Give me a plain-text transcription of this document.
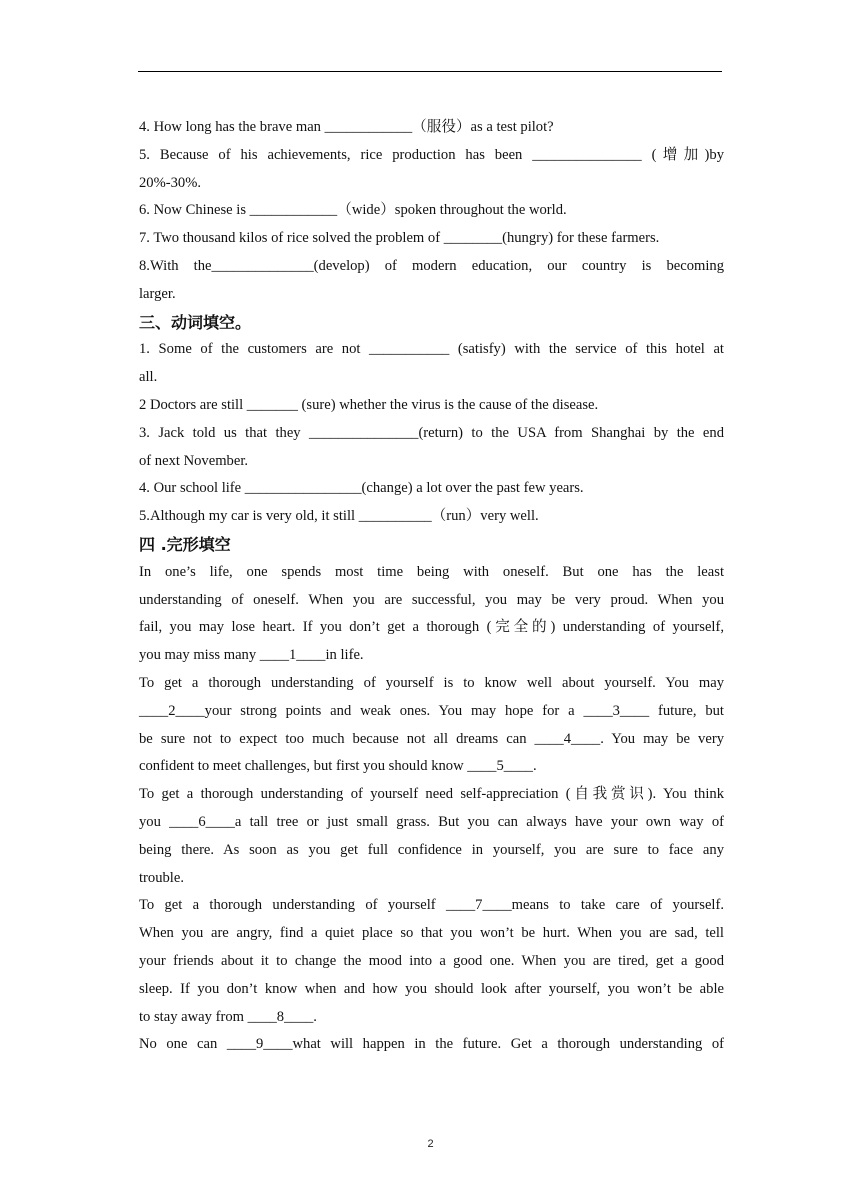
4. How long has the brave man ____________（服役）as a test pilot?
5. Because of his achievements, rice production has been _______________ (增加)by
20%-30%.
6. Now Chinese is ____________（wide）spoken throughout the world.
7. Two thousand kilos of rice solved the problem of ________(hungry) for these farmers.
8.With the______________(develop) of modern education, our country is becoming
larger.
三、动词填空。
1. Some of the customers are not ___________ (satisfy) with the service of this hotel at
all.
2 Doctors are still _______ (sure) whether the virus is the cause of the disease.
3. Jack told us that they _______________(return) to the USA from Shanghai by the end
of next November.
4. Our school life ________________(change) a lot over the past few years.
5.Although my car is very old, it still __________（run）very well.
四 .完形填空
In one’s life, one spends most time being with oneself. But one has the least
understanding of oneself. When you are successful, you may be very proud. When you
fail, you may lose heart. If you don’t get a thorough (完全的) understanding of yourself,
you may miss many ____1____in life.
To get a thorough understanding of yourself is to know well about yourself. You may
____2____your strong points and weak ones. You may hope for a ____3____ future, but
be sure not to expect too much because not all dreams can ____4____. You may be very
confident to meet challenges, but first you should know ____5____.
To get a thorough understanding of yourself need self-appreciation (自我赏识). You think
you ____6____a tall tree or just small grass. But you can always have your own way of
being there. As soon as you get full confidence in yourself, you are sure to face any
trouble.
To get a thorough understanding of yourself ____7____means to take care of yourself.
When you are angry, find a quiet place so that you won’t be hurt. When you are sad, tell
your friends about it to change the mood into a good one. When you are tired, get a good
sleep. If you don’t know when and how you should look after yourself, you won’t be able
to stay away from ____8____.
No one can ____9____what will happen in the future. Get a thorough understanding of
2
